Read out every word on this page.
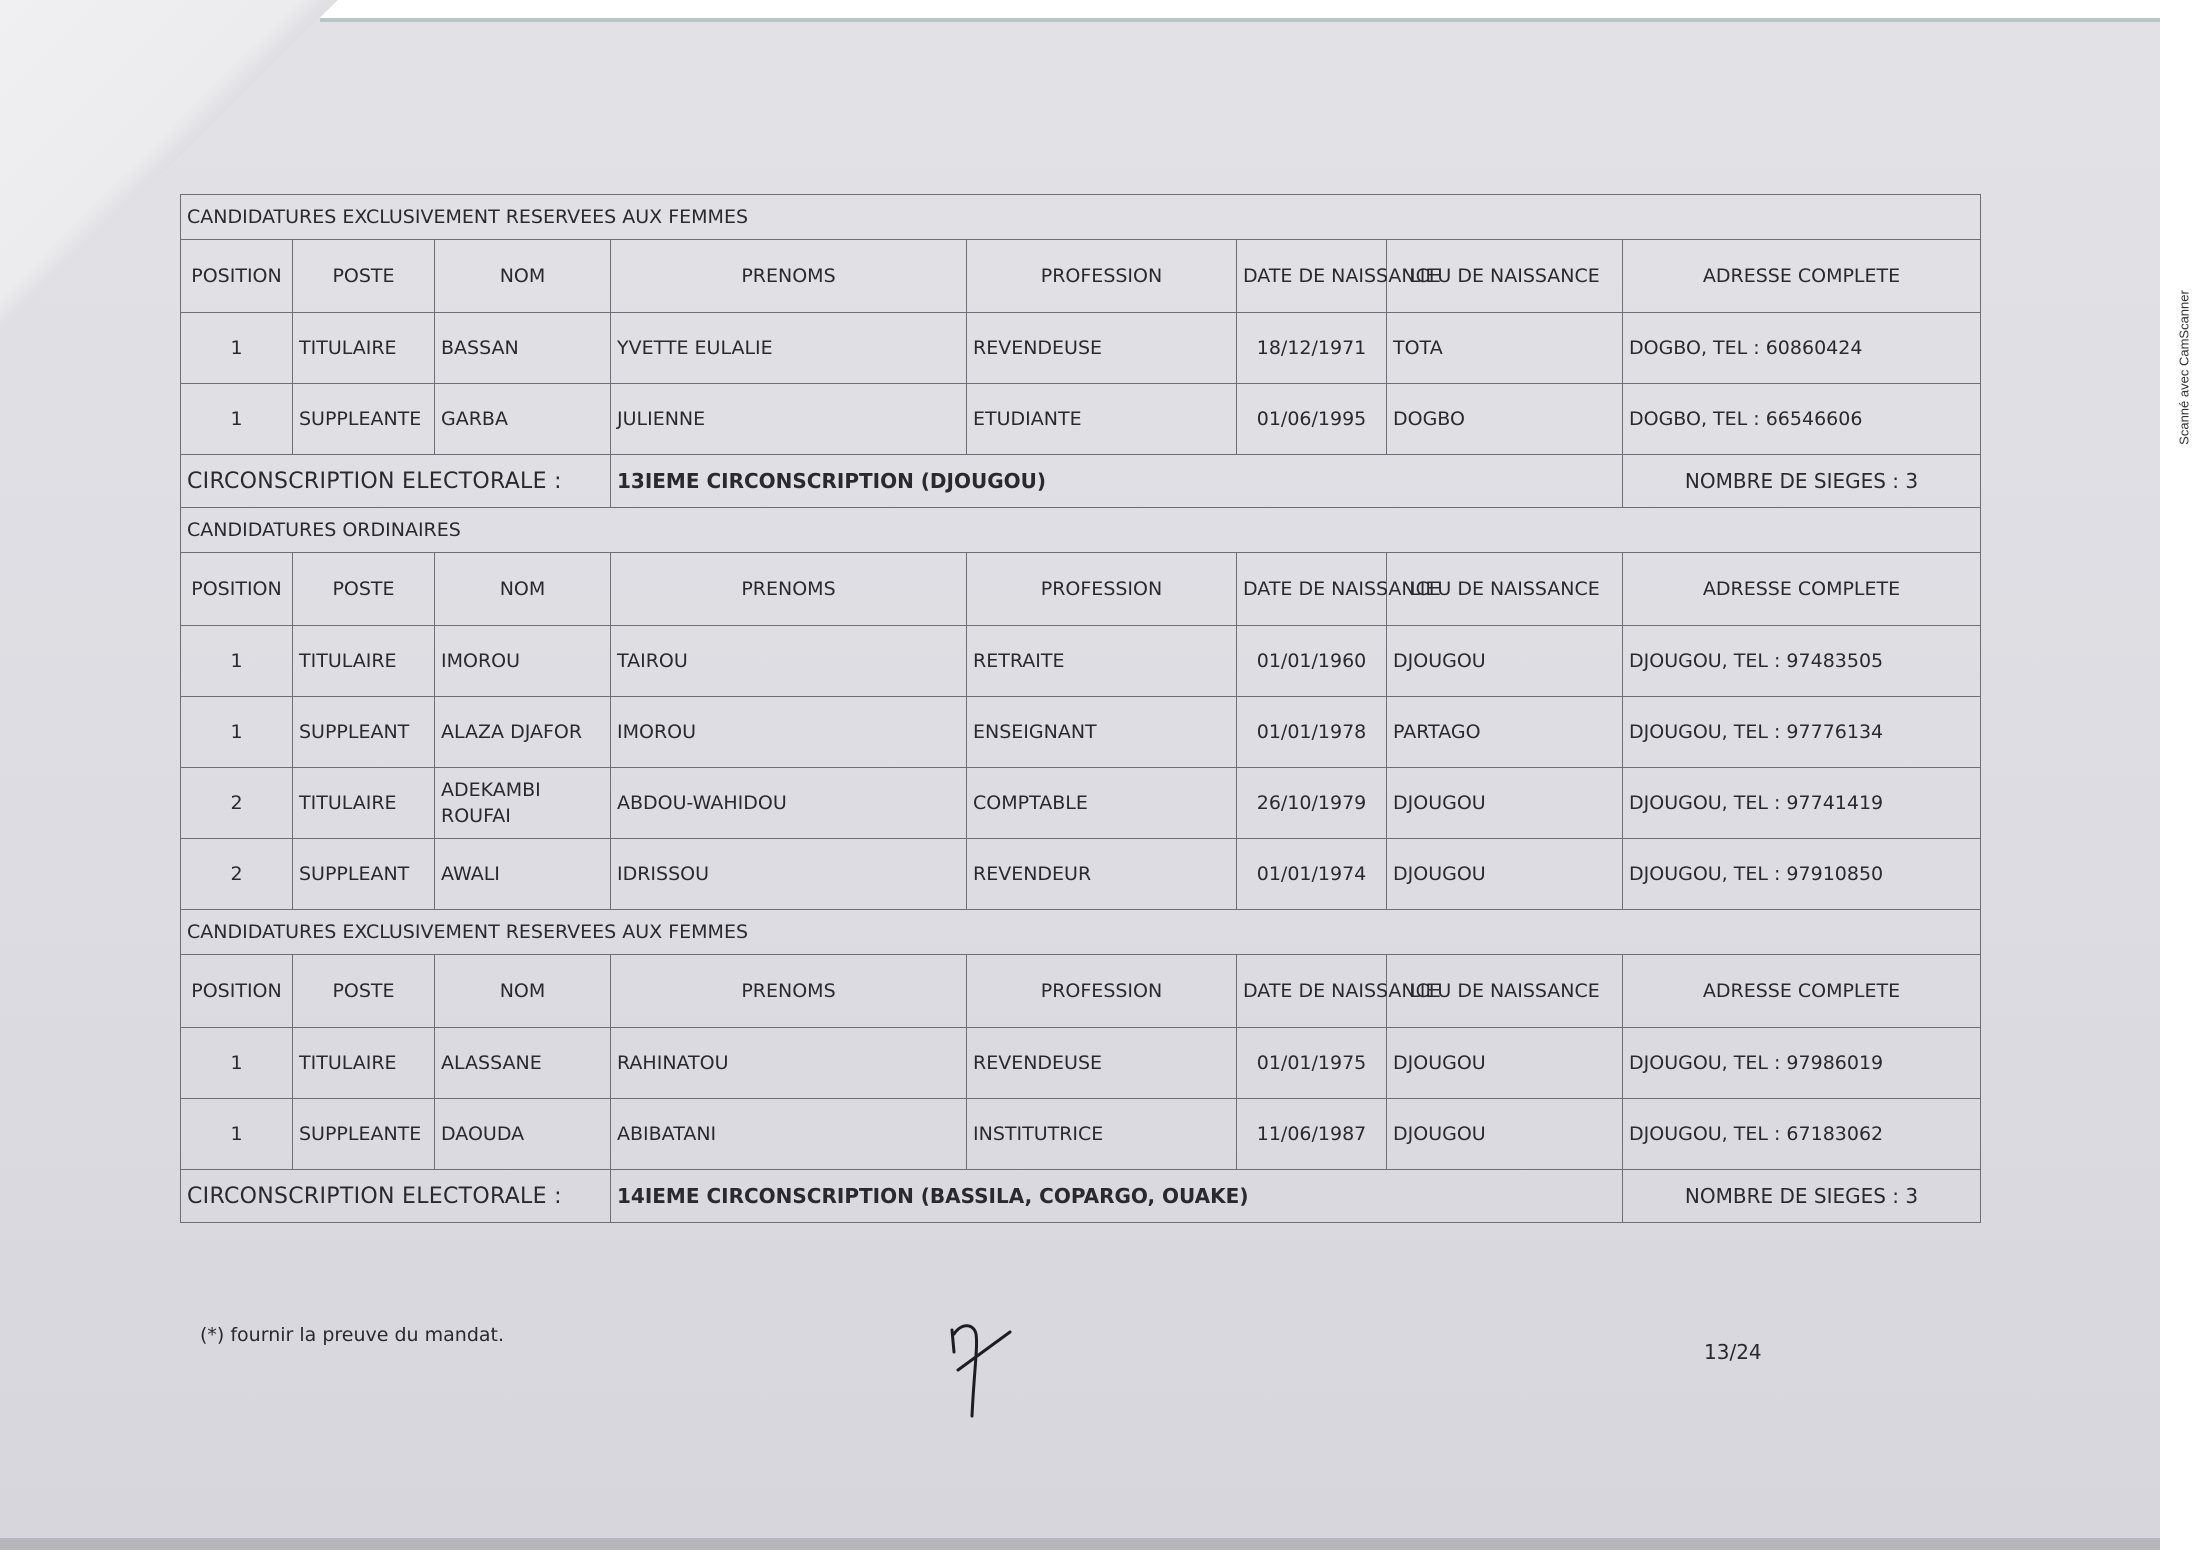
CANDIDATURES EXCLUSIVEMENT RESERVEES AUX FEMMES							
POSITION	POSTE	NOM	PRENOMS	PROFESSION	DATE DE NAISSANCE	LIEU DE NAISSANCE	ADRESSE COMPLETE
1	TITULAIRE	BASSAN	YVETTE EULALIE	REVENDEUSE	18/12/1971	TOTA	DOGBO, TEL : 60860424
1	SUPPLEANTE	GARBA	JULIENNE	ETUDIANTE	01/06/1995	DOGBO	DOGBO, TEL : 66546606
CIRCONSCRIPTION ELECTORALE :			13IEME CIRCONSCRIPTION (DJOUGOU)				NOMBRE DE SIEGES : 3
CANDIDATURES ORDINAIRES							
POSITION	POSTE	NOM	PRENOMS	PROFESSION	DATE DE NAISSANCE	LIEU DE NAISSANCE	ADRESSE COMPLETE
1	TITULAIRE	IMOROU	TAIROU	RETRAITE	01/01/1960	DJOUGOU	DJOUGOU, TEL : 97483505
1	SUPPLEANT	ALAZA DJAFOR	IMOROU	ENSEIGNANT	01/01/1978	PARTAGO	DJOUGOU, TEL : 97776134
2	TITULAIRE	ADEKAMBI ROUFAI	ABDOU-WAHIDOU	COMPTABLE	26/10/1979	DJOUGOU	DJOUGOU, TEL : 97741419
2	SUPPLEANT	AWALI	IDRISSOU	REVENDEUR	01/01/1974	DJOUGOU	DJOUGOU, TEL : 97910850
CANDIDATURES EXCLUSIVEMENT RESERVEES AUX FEMMES							
POSITION	POSTE	NOM	PRENOMS	PROFESSION	DATE DE NAISSANCE	LIEU DE NAISSANCE	ADRESSE COMPLETE
1	TITULAIRE	ALASSANE	RAHINATOU	REVENDEUSE	01/01/1975	DJOUGOU	DJOUGOU, TEL : 97986019
1	SUPPLEANTE	DAOUDA	ABIBATANI	INSTITUTRICE	11/06/1987	DJOUGOU	DJOUGOU, TEL : 67183062
CIRCONSCRIPTION ELECTORALE :			14IEME CIRCONSCRIPTION (BASSILA, COPARGO, OUAKE)				NOMBRE DE SIEGES : 3
(*) fournir la preuve du mandat.
13/24
Scanné avec CamScanner
